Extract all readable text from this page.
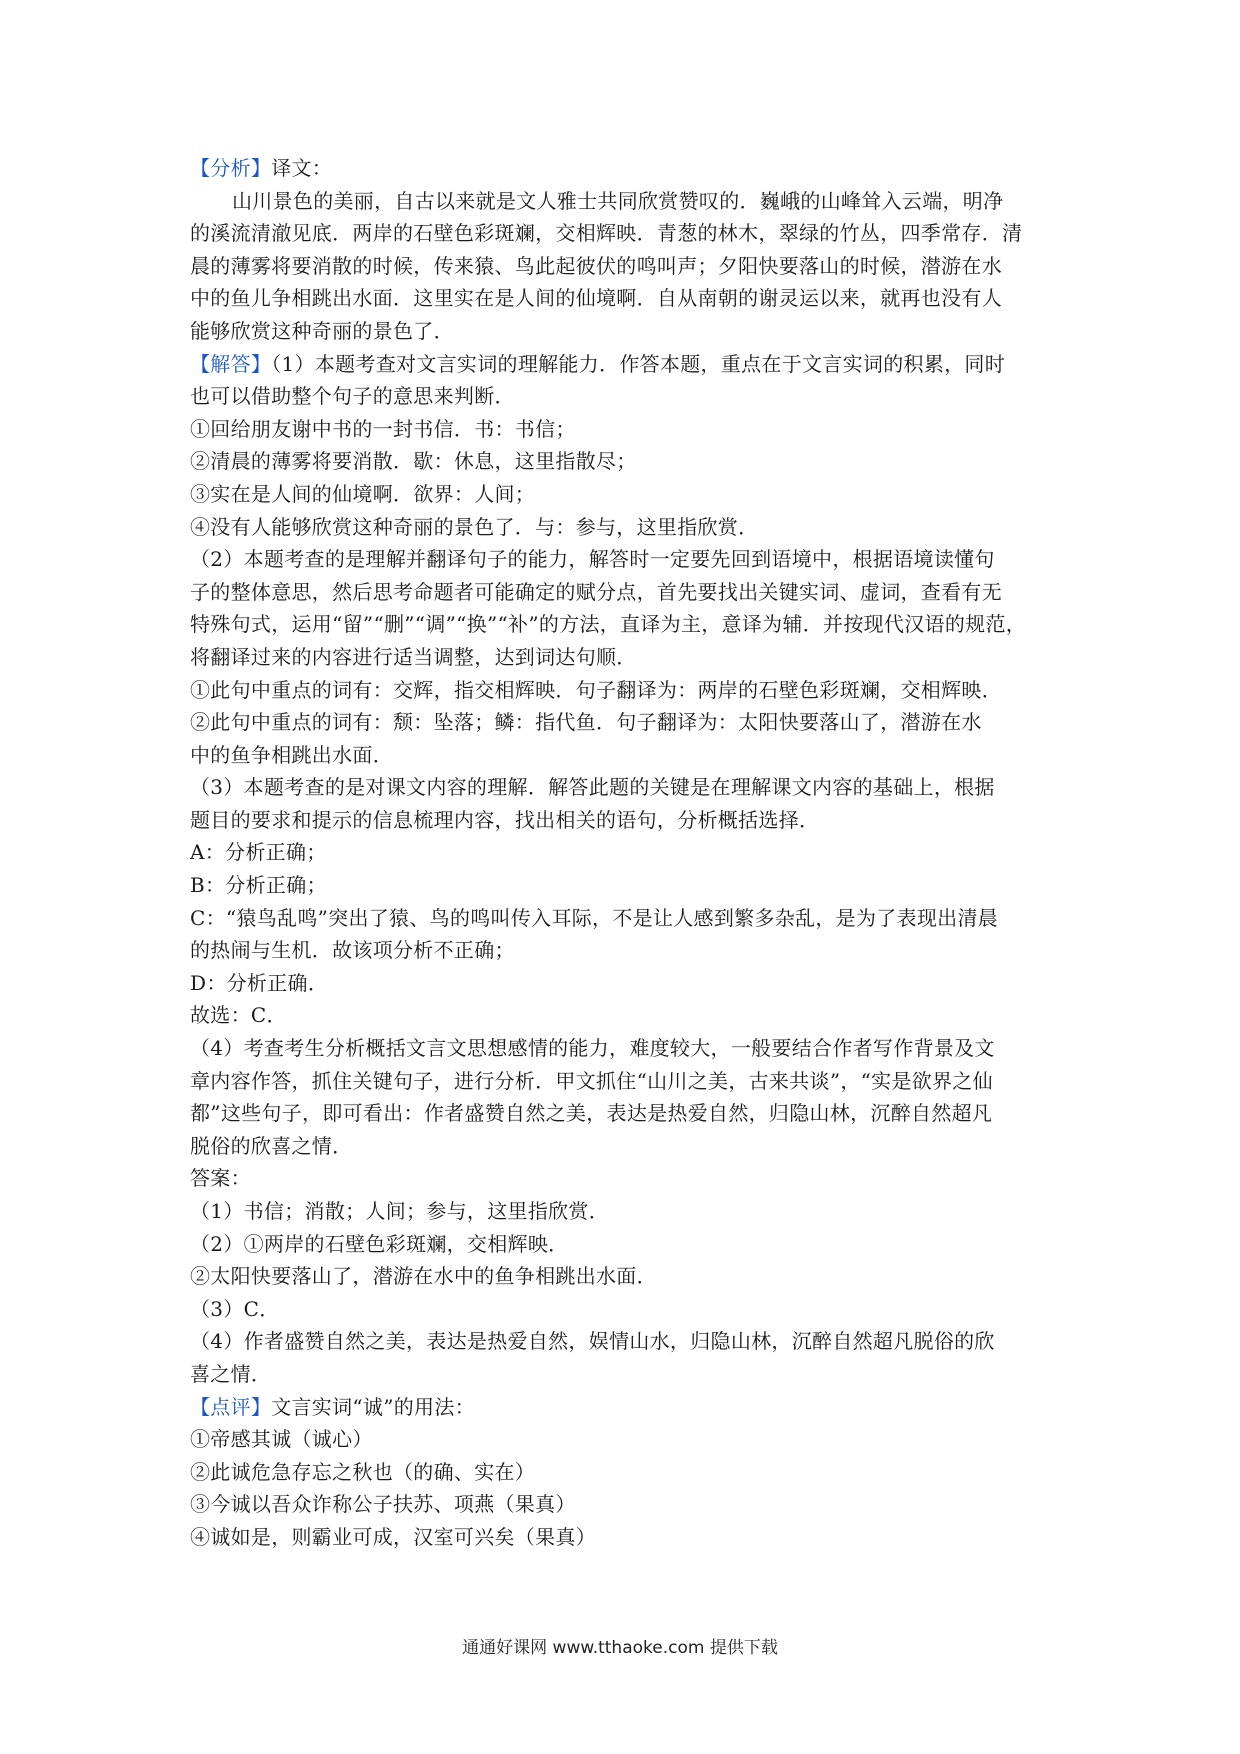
【分析】译文：
山川景色的美丽，自古以来就是文人雅士共同欣赏赞叹的．巍峨的山峰耸入云端，明净
的溪流清澈见底．两岸的石壁色彩斑斓，交相辉映．青葱的林木，翠绿的竹丛，四季常存．清
晨的薄雾将要消散的时候，传来猿、鸟此起彼伏的鸣叫声；夕阳快要落山的时候，潜游在水
中的鱼儿争相跳出水面．这里实在是人间的仙境啊．自从南朝的谢灵运以来，就再也没有人
能够欣赏这种奇丽的景色了．
【解答】（1）本题考查对文言实词的理解能力．作答本题，重点在于文言实词的积累，同时
也可以借助整个句子的意思来判断．
①回给朋友谢中书的一封书信．书：书信；
②清晨的薄雾将要消散．歇：休息，这里指散尽；
③实在是人间的仙境啊．欲界：人间；
④没有人能够欣赏这种奇丽的景色了．与：参与，这里指欣赏．
（2）本题考查的是理解并翻译句子的能力，解答时一定要先回到语境中，根据语境读懂句
子的整体意思，然后思考命题者可能确定的赋分点，首先要找出关键实词、虚词，查看有无
特殊句式，运用“留”“删”“调”“换”“补”的方法，直译为主，意译为辅．并按现代汉语的规范，
将翻译过来的内容进行适当调整，达到词达句顺．
①此句中重点的词有：交辉，指交相辉映．句子翻译为：两岸的石壁色彩斑斓，交相辉映．
②此句中重点的词有：颓：坠落；鳞：指代鱼．句子翻译为：太阳快要落山了，潜游在水
中的鱼争相跳出水面．
（3）本题考查的是对课文内容的理解．解答此题的关键是在理解课文内容的基础上，根据
题目的要求和提示的信息梳理内容，找出相关的语句，分析概括选择．
A：分析正确；
B：分析正确；
C：“猿鸟乱鸣”突出了猿、鸟的鸣叫传入耳际，不是让人感到繁多杂乱，是为了表现出清晨
的热闹与生机．故该项分析不正确；
D：分析正确．
故选：C．
（4）考查考生分析概括文言文思想感情的能力，难度较大，一般要结合作者写作背景及文
章内容作答，抓住关键句子，进行分析．甲文抓住“山川之美，古来共谈”，“实是欲界之仙
都”这些句子，即可看出：作者盛赞自然之美，表达是热爱自然，归隐山林，沉醉自然超凡
脱俗的欣喜之情．
答案：
（1）书信；消散；人间；参与，这里指欣赏．
（2）①两岸的石壁色彩斑斓，交相辉映．
②太阳快要落山了，潜游在水中的鱼争相跳出水面．
（3）C．
（4）作者盛赞自然之美，表达是热爱自然，娱情山水，归隐山林，沉醉自然超凡脱俗的欣
喜之情．
【点评】文言实词“诚”的用法：
①帝感其诚（诚心）
②此诚危急存忘之秋也（的确、实在）
③今诚以吾众诈称公子扶苏、项燕（果真）
④诚如是，则霸业可成，汉室可兴矣（果真）
通通好课网 www.tthaoke.com 提供下载
